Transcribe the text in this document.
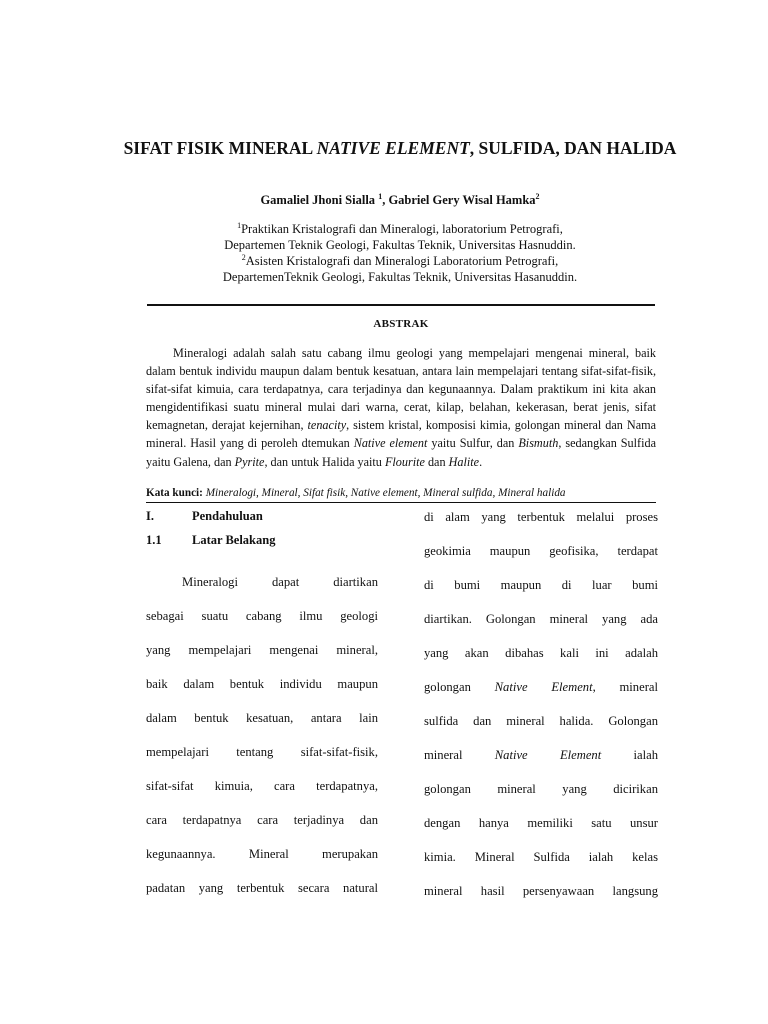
SIFAT FISIK MINERAL NATIVE ELEMENT, SULFIDA, DAN HALIDA
Gamaliel Jhoni Sialla $^1$, Gabriel Gery Wisal Hamka$^2$
$^1$Praktikan Kristalografi dan Mineralogi, laboratorium Petrografi,
Departemen Teknik Geologi, Fakultas Teknik, Universitas Hasnuddin.
$^2$Asisten Kristalografi dan Mineralogi Laboratorium Petrografi,
DepartemenTeknik Geologi, Fakultas Teknik, Universitas Hasanuddin.
ABSTRAK
Mineralogi adalah salah satu cabang ilmu geologi yang mempelajari mengenai mineral, baik dalam bentuk individu maupun dalam bentuk kesatuan, antara lain mempelajari tentang sifat-sifat-fisik, sifat-sifat kimuia, cara terdapatnya, cara terjadinya dan kegunaannya. Dalam praktikum ini kita akan mengidentifikasi suatu mineral mulai dari warna, cerat, kilap, belahan, kekerasan, berat jenis, sifat kemagnetan, derajat kejernihan, tenacity, sistem kristal, komposisi kimia, golongan mineral dan Nama mineral. Hasil yang di peroleh dtemukan Native element yaitu Sulfur, dan Bismuth, sedangkan Sulfida yaitu Galena, dan Pyrite, dan untuk Halida yaitu Flourite dan Halite.
Kata kunci: Mineralogi, Mineral, Sifat fisik, Native element, Mineral sulfida, Mineral halida
I.	Pendahuluan
1.1 Latar Belakang
Mineralogi dapat diartikan
sebagai suatu cabang ilmu geologi
yang mempelajari mengenai mineral,
baik dalam bentuk individu maupun
dalam bentuk kesatuan, antara lain
mempelajari tentang sifat-sifat-fisik,
sifat-sifat kimuia, cara terdapatnya,
cara terdapatnya cara terjadinya dan
kegunaannya. Mineral merupakan
padatan yang terbentuk secara natural
di alam yang terbentuk melalui proses
geokimia maupun geofisika, terdapat
di bumi maupun di luar bumi
diartikan. Golongan mineral yang ada
yang akan dibahas kali ini adalah
golongan Native Element, mineral
sulfida dan mineral halida. Golongan
mineral Native	Element ialah
golongan mineral yang dicirikan
dengan hanya memiliki satu unsur
kimia. Mineral Sulfida ialah kelas
mineral hasil persenyawaan langsung
